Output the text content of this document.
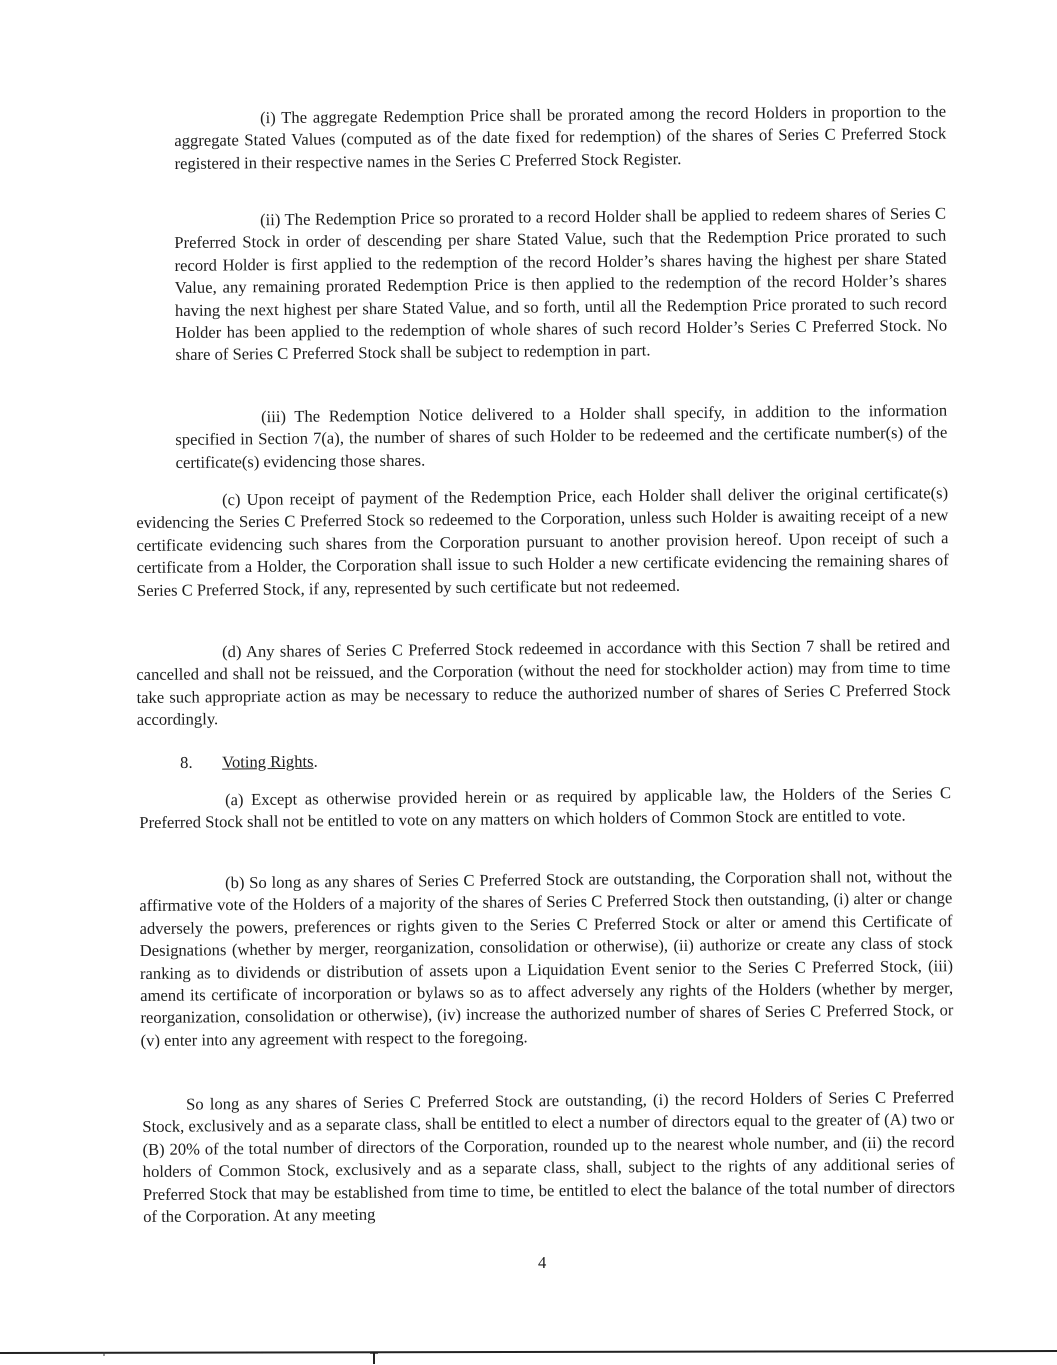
(i) The aggregate Redemption Price shall be prorated among the record Holders in proportion to the aggregate Stated Values (computed as of the date fixed for redemption) of the shares of Series C Preferred Stock registered in their respective names in the Series C Preferred Stock Register.

(ii) The Redemption Price so prorated to a record Holder shall be applied to redeem shares of Series C Preferred Stock in order of descending per share Stated Value, such that the Redemption Price prorated to such record Holder is first applied to the redemption of the record Holder’s shares having the highest per share Stated Value, any remaining prorated Redemption Price is then applied to the redemption of the record Holder’s shares having the next highest per share Stated Value, and so forth, until all the Redemption Price prorated to such record Holder has been applied to the redemption of whole shares of such record Holder’s Series C Preferred Stock. No share of Series C Preferred Stock shall be subject to redemption in part.

(iii) The Redemption Notice delivered to a Holder shall specify, in addition to the information specified in Section 7(a), the number of shares of such Holder to be redeemed and the certificate number(s) of the certificate(s) evidencing those shares.

(c) Upon receipt of payment of the Redemption Price, each Holder shall deliver the original certificate(s) evidencing the Series C Preferred Stock so redeemed to the Corporation, unless such Holder is awaiting receipt of a new certificate evidencing such shares from the Corporation pursuant to another provision hereof. Upon receipt of such a certificate from a Holder, the Corporation shall issue to such Holder a new certificate evidencing the remaining shares of Series C Preferred Stock, if any, represented by such certificate but not redeemed.

(d) Any shares of Series C Preferred Stock redeemed in accordance with this Section 7 shall be retired and cancelled and shall not be reissued, and the Corporation (without the need for stockholder action) may from time to time take such appropriate action as may be necessary to reduce the authorized number of shares of Series C Preferred Stock accordingly.

8. Voting Rights.

(a) Except as otherwise provided herein or as required by applicable law, the Holders of the Series C Preferred Stock shall not be entitled to vote on any matters on which holders of Common Stock are entitled to vote.

(b) So long as any shares of Series C Preferred Stock are outstanding, the Corporation shall not, without the affirmative vote of the Holders of a majority of the shares of Series C Preferred Stock then outstanding, (i) alter or change adversely the powers, preferences or rights given to the Series C Preferred Stock or alter or amend this Certificate of Designations (whether by merger, reorganization, consolidation or otherwise), (ii) authorize or create any class of stock ranking as to dividends or distribution of assets upon a Liquidation Event senior to the Series C Preferred Stock, (iii) amend its certificate of incorporation or bylaws so as to affect adversely any rights of the Holders (whether by merger, reorganization, consolidation or otherwise), (iv) increase the authorized number of shares of Series C Preferred Stock, or (v) enter into any agreement with respect to the foregoing.

So long as any shares of Series C Preferred Stock are outstanding, (i) the record Holders of Series C Preferred Stock, exclusively and as a separate class, shall be entitled to elect a number of directors equal to the greater of (A) two or (B) 20% of the total number of directors of the Corporation, rounded up to the nearest whole number, and (ii) the record holders of Common Stock, exclusively and as a separate class, shall, subject to the rights of any additional series of Preferred Stock that may be established from time to time, be entitled to elect the balance of the total number of directors of the Corporation. At any meeting

4
